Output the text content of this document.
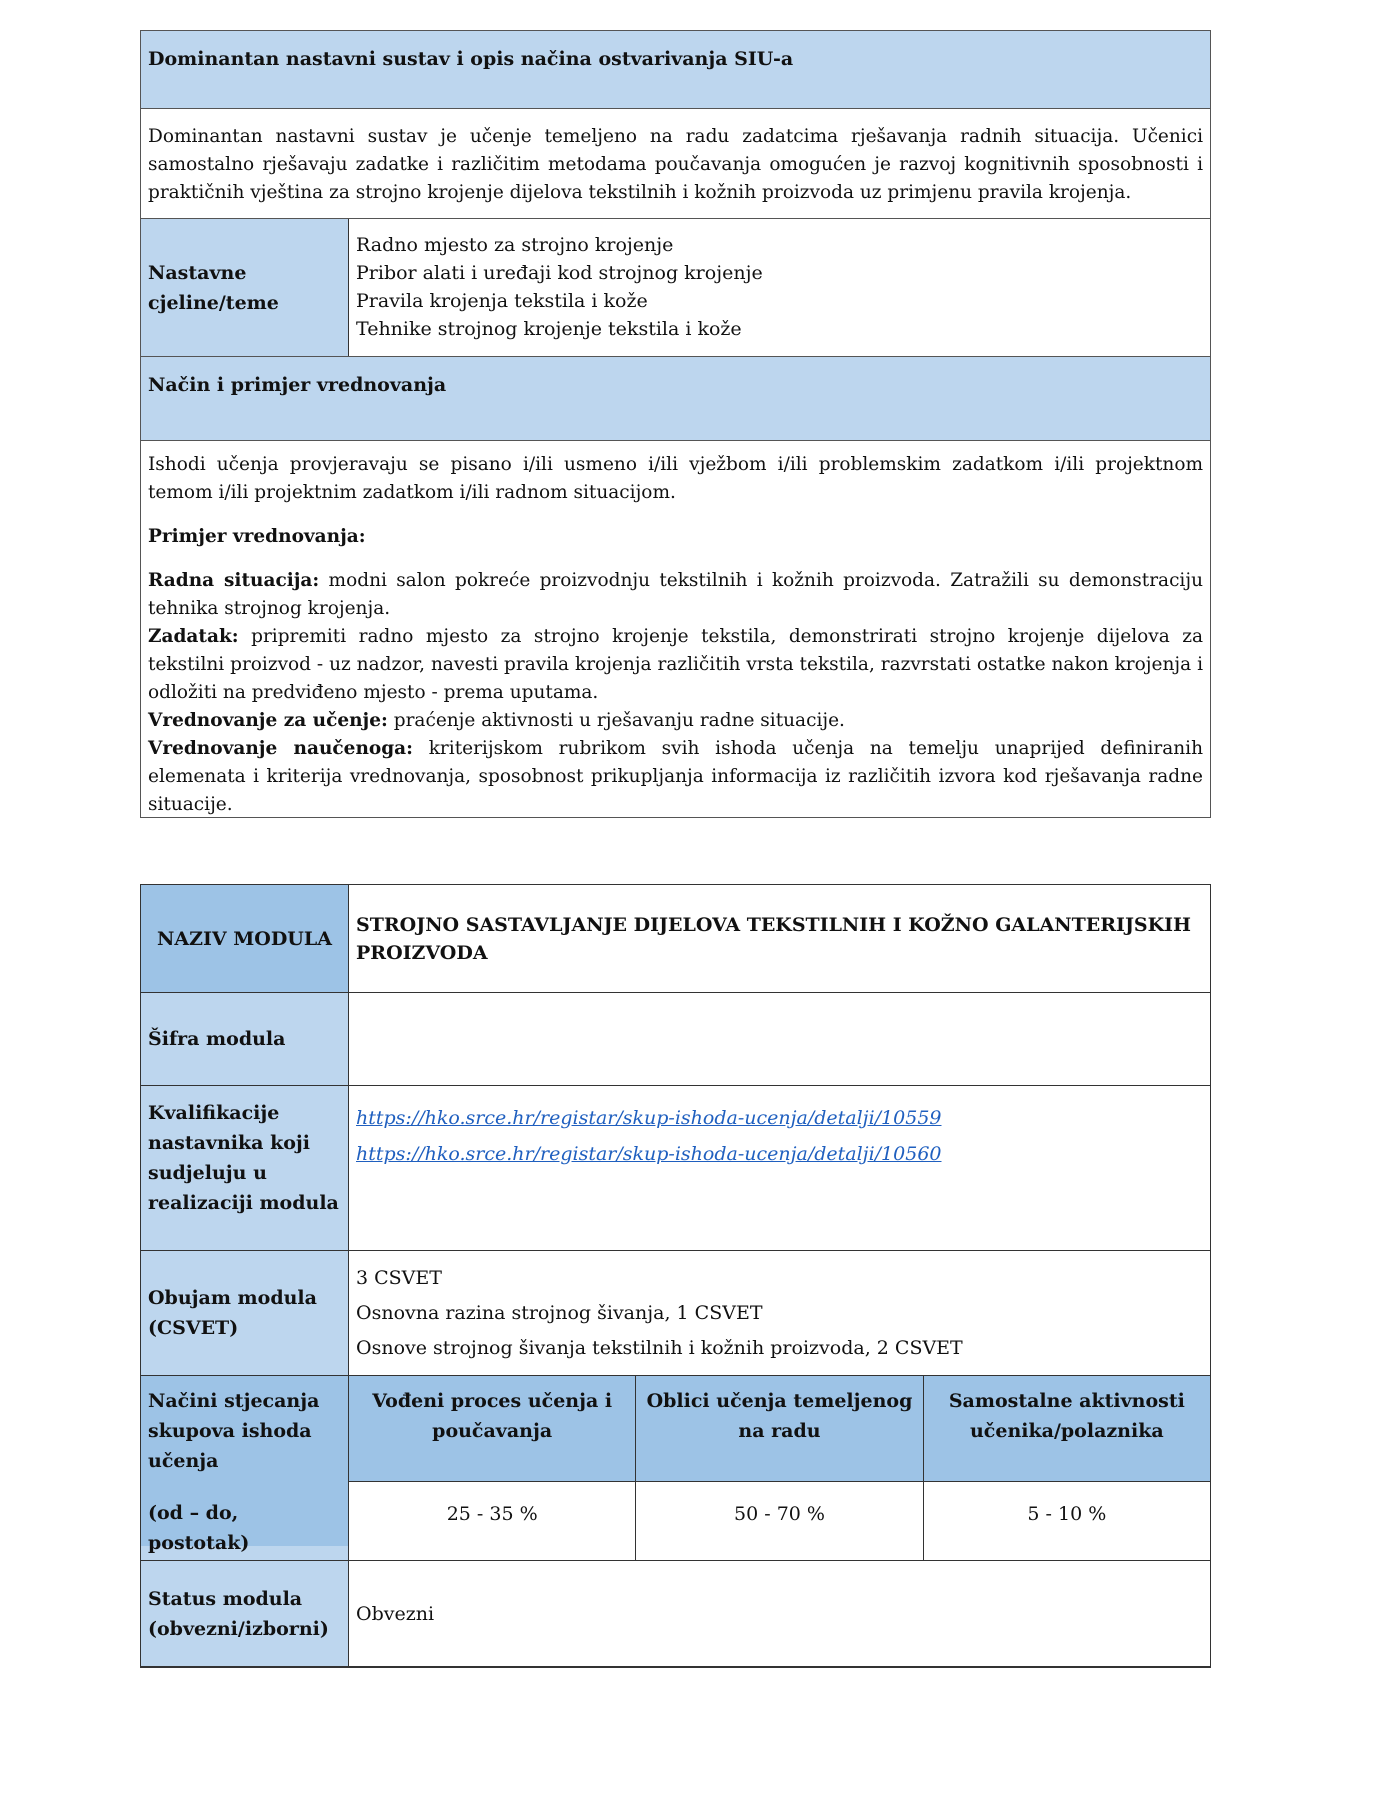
Dominantan nastavni sustav i opis načina ostvarivanja SIU-a
Dominantan nastavni sustav je učenje temeljeno na radu zadatcima rješavanja radnih situacija. Učenici samostalno rješavaju zadatke i različitim metodama poučavanja omogućen je razvoj kognitivnih sposobnosti i praktičnih vještina za strojno krojenje dijelova tekstilnih i kožnih proizvoda uz primjenu pravila krojenja.
Nastavne cjeline/teme
Radno mjesto za strojno krojenje
Pribor alati i uređaji kod strojnog krojenje
Pravila krojenja tekstila i kože
Tehnike strojnog krojenje tekstila i kože
Način i primjer vrednovanja

Ishodi učenja provjeravaju se pisano i/ili usmeno i/ili vježbom i/ili problemskim zadatkom i/ili projektnom temom i/ili projektnim zadatkom i/ili radnom situacijom.

Primjer vrednovanja:

Radna situacija: modni salon pokreće proizvodnju tekstilnih i kožnih proizvoda. Zatražili su demonstraciju tehnika strojnog krojenja.

Zadatak: pripremiti radno mjesto za strojno krojenje tekstila, demonstrirati strojno krojenje dijelova za tekstilni proizvod - uz nadzor, navesti pravila krojenja različitih vrsta tekstila, razvrstati ostatke nakon krojenja i odložiti na predviđeno mjesto - prema uputama.

Vrednovanje za učenje: praćenje aktivnosti u rješavanju radne situacije.

Vrednovanje naučenoga: kriterijskom rubrikom svih ishoda učenja na temelju unaprijed definiranih elemenata i kriterija vrednovanja, sposobnost prikupljanja informacija iz različitih izvora kod rješavanja radne situacije.

NAZIV MODULA
STROJNO SASTAVLJANJE DIJELOVA TEKSTILNIH I KOŽNO GALANTERIJSKIH PROIZVODA
Šifra modula
Kvalifikacije nastavnika koji sudjeluju u realizaciji modula
https://hko.srce.hr/registar/skup-ishoda-ucenja/detalji/10559
https://hko.srce.hr/registar/skup-ishoda-ucenja/detalji/10560
Obujam modula (CSVET)
3 CSVET
Osnovna razina strojnog šivanja, 1 CSVET
Osnove strojnog šivanja tekstilnih i kožnih proizvoda, 2 CSVET
Načini stjecanja skupova ishoda učenja
(od – do, postotak)
Vođeni proces učenja i poučavanja
Oblici učenja temeljenog na radu
Samostalne aktivnosti učenika/polaznika
25 - 35 %	50 - 70 %	5 - 10 %
Status modula (obvezni/izborni)
Obvezni
